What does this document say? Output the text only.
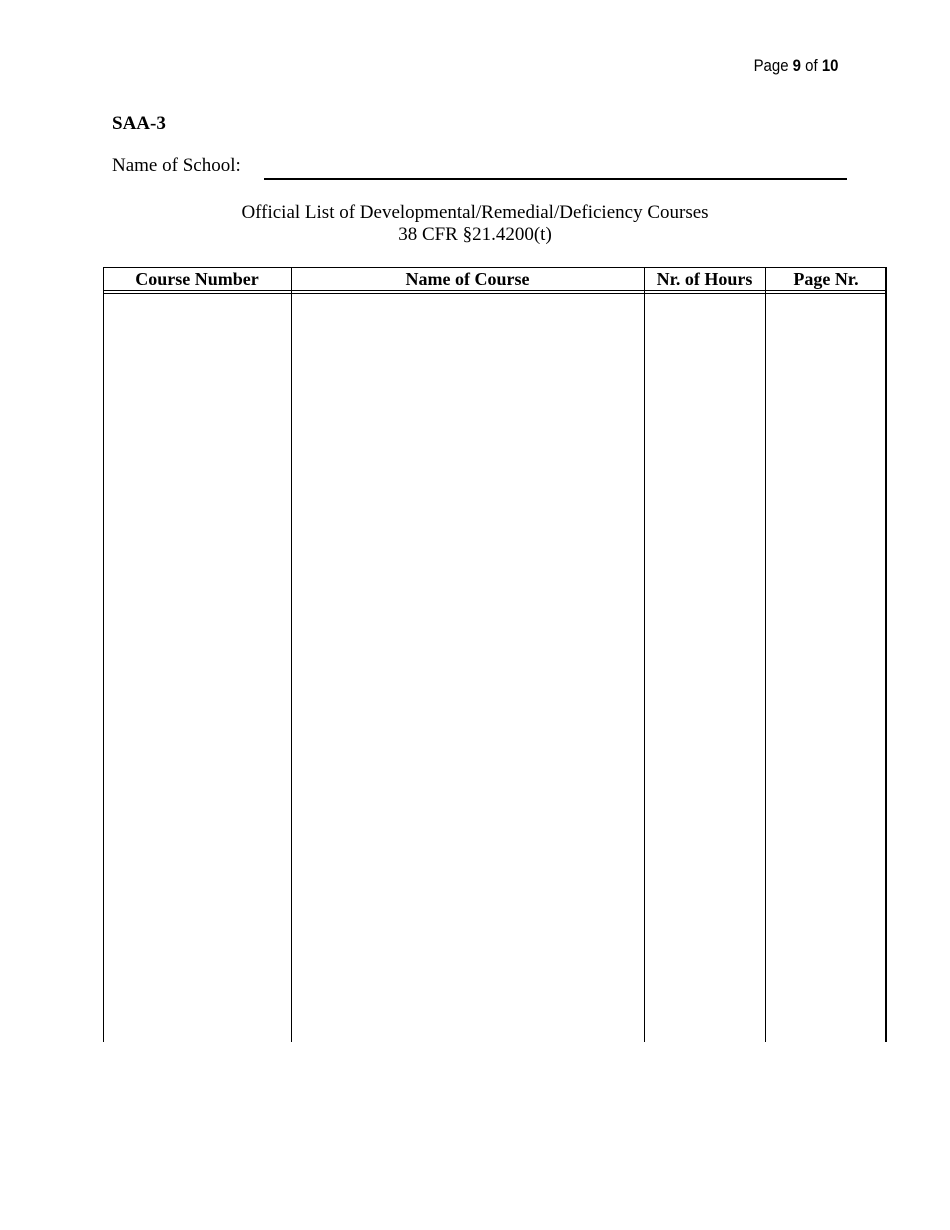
Page 9 of 10
SAA-3
Name of School:
Official List of Developmental/Remedial/Deficiency Courses
38 CFR §21.4200(t)
Course Number	Name of Course	Nr. of Hours	Page Nr.
